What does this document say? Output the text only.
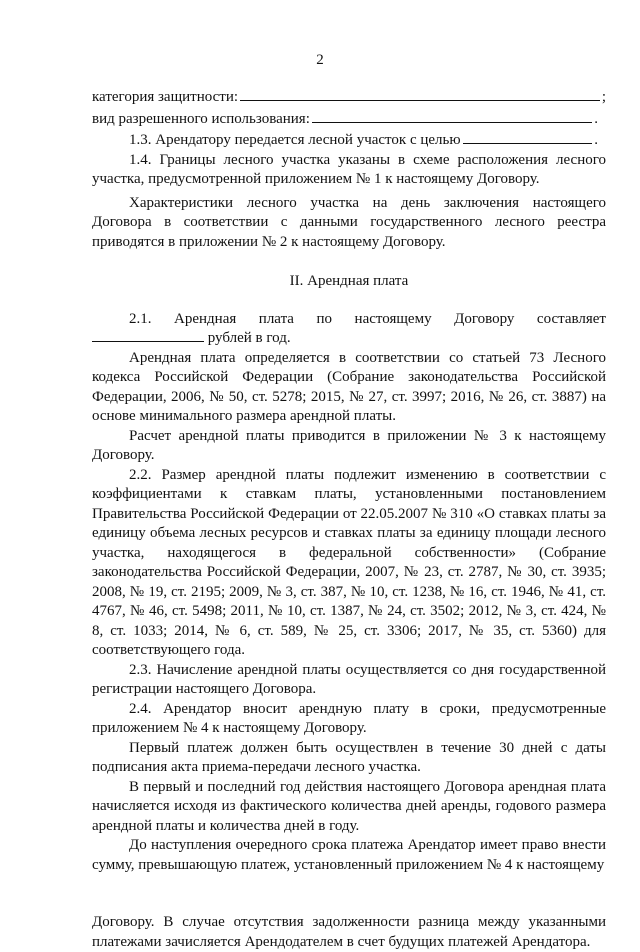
2
категория защитности:	;
вид разрешенного использования:	.
1.3. Арендатору передается лесной участок с целью	.

1.4. Границы лесного участка указаны в схеме расположения лесного участка, предусмотренной приложением № 1 к настоящему Договору.

Характеристики лесного участка на день заключения настоящего Договора в соответствии с данными государственного лесного реестра приводятся в приложении № 2 к настоящему Договору.

II. Арендная плата

2.1. Арендная плата по настоящему Договору составляет

рублей в год.

Арендная плата определяется в соответствии со статьей 73 Лесного кодекса Российской Федерации (Собрание законодательства Российской Федерации, 2006, № 50, ст. 5278; 2015, № 27, ст. 3997; 2016, № 26, ст. 3887) на основе минимального размера арендной платы.

Расчет арендной платы приводится в приложении № 3 к настоящему Договору.

2.2. Размер арендной платы подлежит изменению в соответствии с коэффициентами к ставкам платы, установленными постановлением Правительства Российской Федерации от 22.05.2007 № 310 «О ставках платы за единицу объема лесных ресурсов и ставках платы за единицу площади лесного участка, находящегося в федеральной собственности» (Собрание законодательства Российской Федерации, 2007, № 23, ст. 2787, № 30, ст. 3935; 2008, № 19, ст. 2195; 2009, № 3, ст. 387, № 10, ст. 1238, № 16, ст. 1946, № 41, ст. 4767, № 46, ст. 5498; 2011, № 10, ст. 1387, № 24, ст. 3502; 2012, № 3, ст. 424, № 8, ст. 1033; 2014, № 6, ст. 589, № 25, ст. 3306; 2017, № 35, ст. 5360) для соответствующего года.

2.3. Начисление арендной платы осуществляется со дня государственной регистрации настоящего Договора.

2.4. Арендатор вносит арендную плату в сроки, предусмотренные приложением № 4 к настоящему Договору.

Первый платеж должен быть осуществлен в течение 30 дней с даты подписания акта приема-передачи лесного участка.

В первый и последний год действия настоящего Договора арендная плата начисляется исходя из фактического количества дней аренды, годового размера арендной платы и количества дней в году.

До наступления очередного срока платежа Арендатор имеет право внести сумму, превышающую платеж, установленный приложением № 4 к настоящему

Договору. В случае отсутствия задолженности разница между указанными платежами зачисляется Арендодателем в счет будущих платежей Арендатора.
